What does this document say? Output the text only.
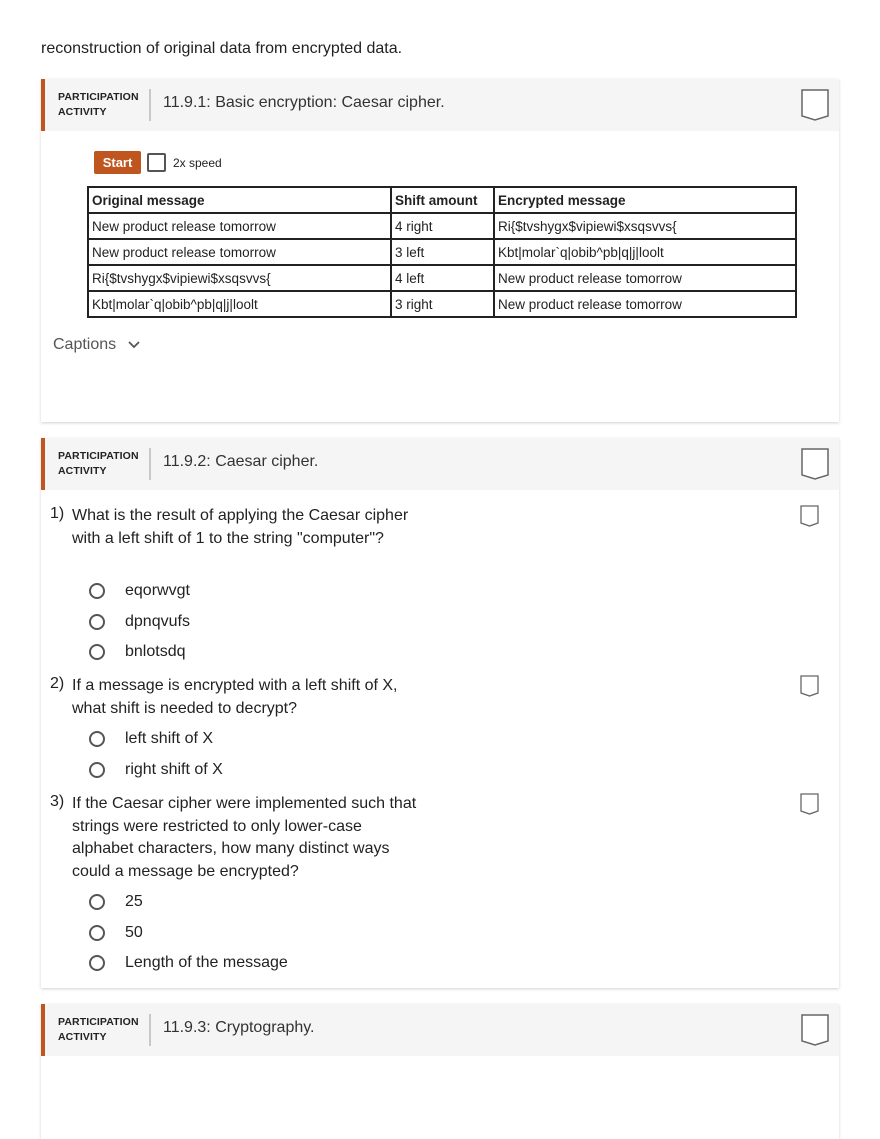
reconstruction of original data from encrypted data.
PARTICIPATION
ACTIVITY
11.9.1: Basic encryption: Caesar cipher.
Start	2x speed
Original message	Shift amount	Encrypted message
New product release tomorrow	4 right	Ri{$tvshygx$vipiewi$xsqsvvs{
New product release tomorrow	3 left	Kbt|molar`q|obib^pb|q|j|loolt
Ri{$tvshygx$vipiewi$xsqsvvs{	4 left	New product release tomorrow
Kbt|molar`q|obib^pb|q|j|loolt	3 right	New product release tomorrow
Captions
PARTICIPATION
ACTIVITY
11.9.2: Caesar cipher.
1) What is the result of applying the Caesar cipher with a left shift of 1 to the string "computer"?
eqorwvgt
dpnqvufs
bnlotsdq
2) If a message is encrypted with a left shift of X, what shift is needed to decrypt?
left shift of X
right shift of X
3) If the Caesar cipher were implemented such that strings were restricted to only lower-case alphabet characters, how many distinct ways could a message be encrypted?
25
50
Length of the message
PARTICIPATION
ACTIVITY
11.9.3: Cryptography.
